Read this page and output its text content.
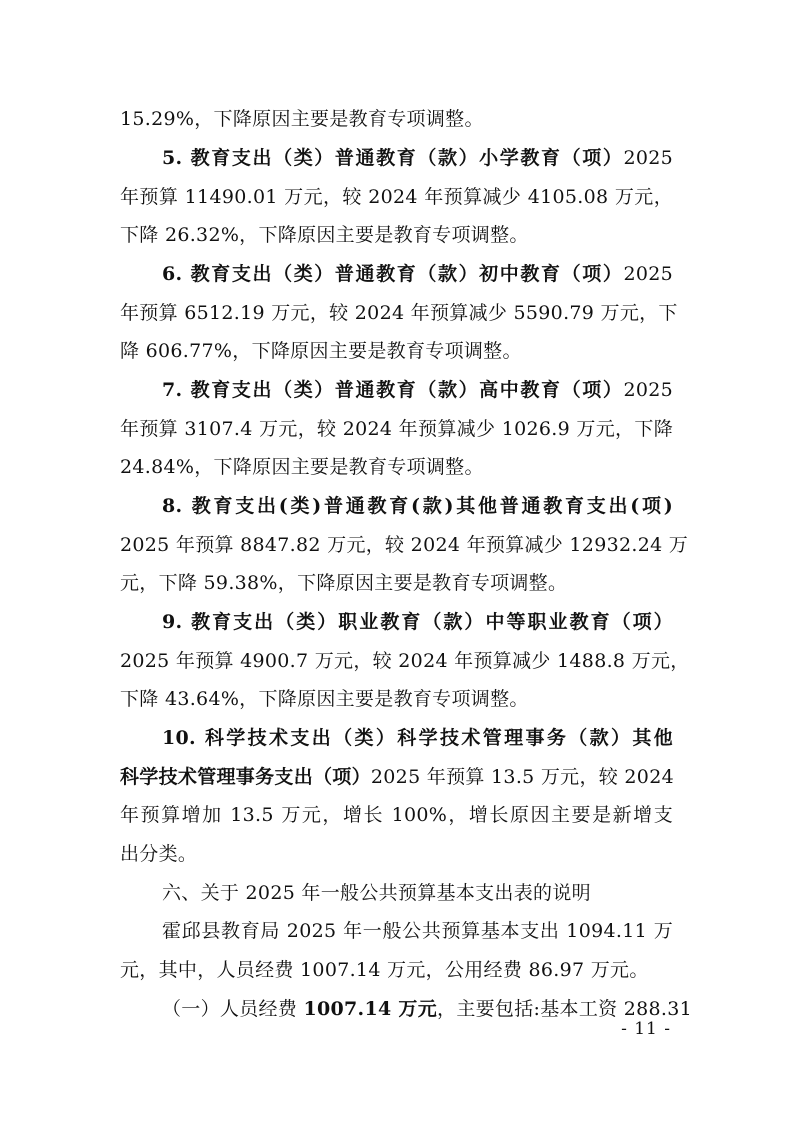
15.29%，下降原因主要是教育专项调整。
5. 教育支出（类）普通教育（款）小学教育（项）2025
年预算 11490.01 万元，较 2024 年预算减少 4105.08 万元，
下降 26.32%，下降原因主要是教育专项调整。
6. 教育支出（类）普通教育（款）初中教育（项）2025
年预算 6512.19 万元，较 2024 年预算减少 5590.79 万元，下
降 606.77%，下降原因主要是教育专项调整。
7. 教育支出（类）普通教育（款）高中教育（项）2025
年预算 3107.4 万元，较 2024 年预算减少 1026.9 万元，下降
24.84%，下降原因主要是教育专项调整。
8. 教育支出(类)普通教育(款)其他普通教育支出(项)
2025 年预算 8847.82 万元，较 2024 年预算减少 12932.24 万
元，下降 59.38%，下降原因主要是教育专项调整。
9. 教育支出（类）职业教育（款）中等职业教育（项）
2025 年预算 4900.7 万元，较 2024 年预算减少 1488.8 万元，
下降 43.64%，下降原因主要是教育专项调整。
10. 科学技术支出（类）科学技术管理事务（款）其他
科学技术管理事务支出（项）2025 年预算 13.5 万元，较 2024
年预算增加 13.5 万元，增长 100%，增长原因主要是新增支
出分类。
六、关于 2025 年一般公共预算基本支出表的说明
霍邱县教育局 2025 年一般公共预算基本支出 1094.11 万
元，其中，人员经费 1007.14 万元，公用经费 86.97 万元。
（一）人员经费 1007.14 万元，主要包括:基本工资 288.31
- 11 -
